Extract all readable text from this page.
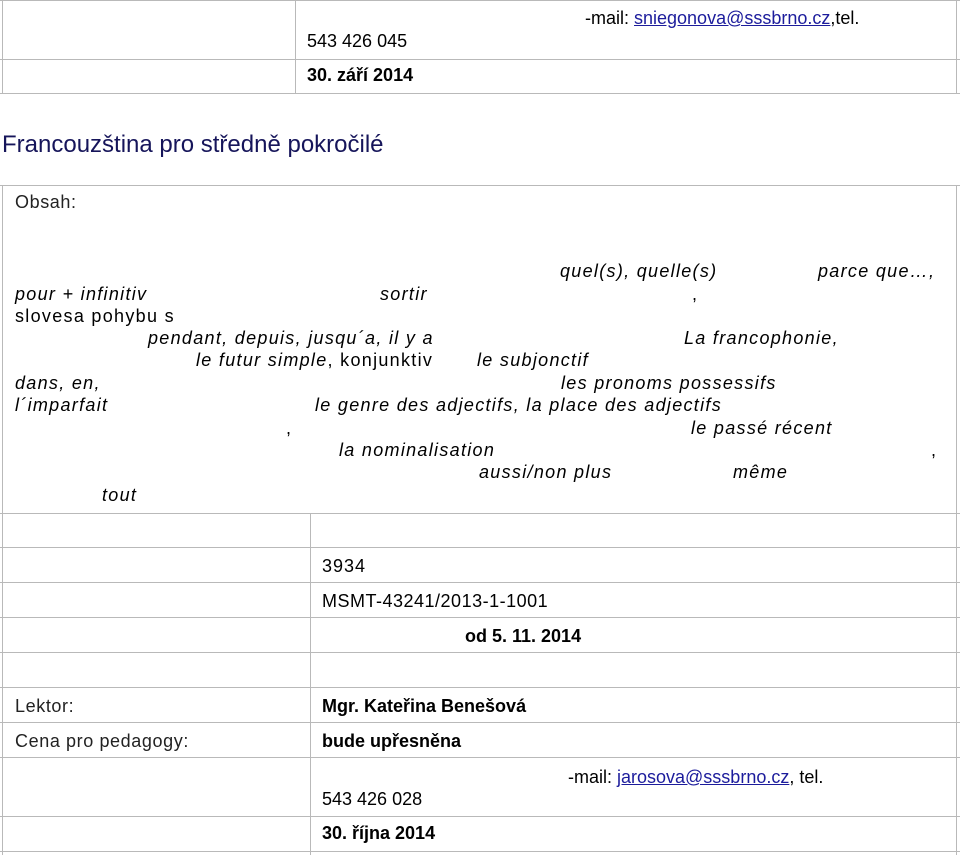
-mail: sniegonova@sssbrno.cz,tel.
543 426 045
30. září 2014
Francouzština pro středně pokročilé
Obsah:
quel(s), quelle(s)	parce que…,
pour + infinitiv	sortir	,
slovesa pohybu s
pendant, depuis, jusqu´a, il y a	La francophonie,
le futur simple, konjunktiv le subjonctif
dans, en,	les pronoms possessifs
l´imparfait	le genre des adjectifs, la place des adjectifs
,	le passé récent
la nominalisation	,
aussi/non plus	même
tout
3934
MSMT-43241/2013-1-1001
od 5. 11. 2014
Lektor:	Mgr. Kateřina Benešová
Cena pro pedagogy:	bude upřesněna
-mail: jarosova@sssbrno.cz, tel.
543 426 028
30. října 2014
